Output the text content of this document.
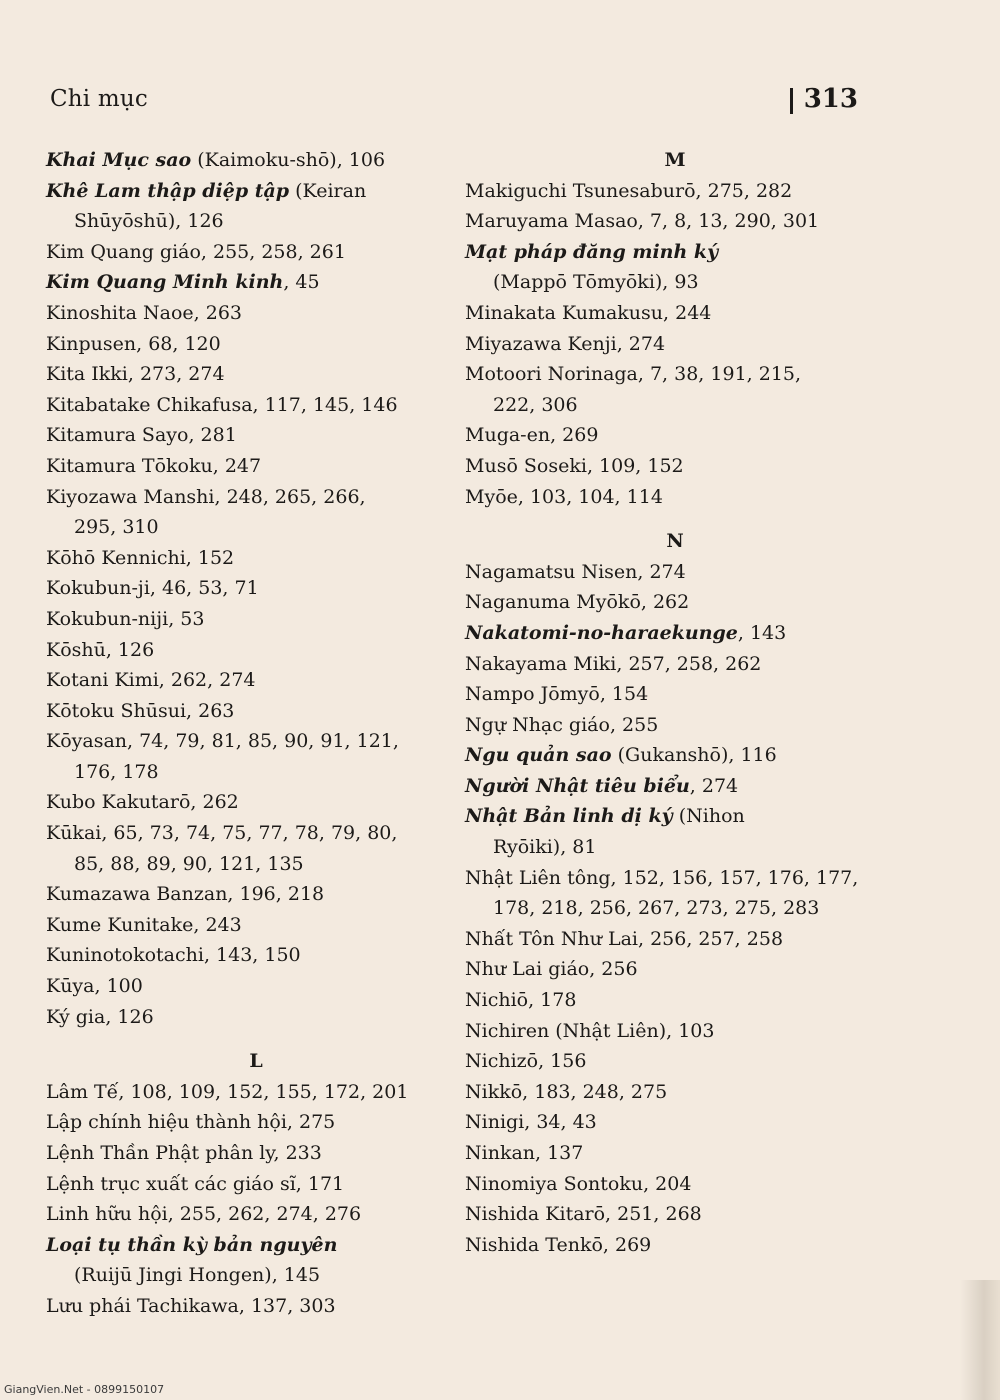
Chi mục	313
Khai Mục sao (Kaimoku-shō), 106
Khê Lam thập diệp tập (Keiran
Shūyōshū), 126
Kim Quang giáo, 255, 258, 261
Kim Quang Minh kinh, 45
Kinoshita Naoe, 263
Kinpusen, 68, 120
Kita Ikki, 273, 274
Kitabatake Chikafusa, 117, 145, 146
Kitamura Sayo, 281
Kitamura Tōkoku, 247
Kiyozawa Manshi, 248, 265, 266,
295, 310
Kōhō Kennichi, 152
Kokubun-ji, 46, 53, 71
Kokubun-niji, 53
Kōshū, 126
Kotani Kimi, 262, 274
Kōtoku Shūsui, 263
Kōyasan, 74, 79, 81, 85, 90, 91, 121,
176, 178
Kubo Kakutarō, 262
Kūkai, 65, 73, 74, 75, 77, 78, 79, 80,
85, 88, 89, 90, 121, 135
Kumazawa Banzan, 196, 218
Kume Kunitake, 243
Kuninotokotachi, 143, 150
Kūya, 100
Ký gia, 126
L
Lâm Tế, 108, 109, 152, 155, 172, 201
Lập chính hiệu thành hội, 275
Lệnh Thần Phật phân ly, 233
Lệnh trục xuất các giáo sĩ, 171
Linh hữu hội, 255, 262, 274, 276
Loại tụ thần kỳ bản nguyên
(Ruijū Jingi Hongen), 145
Lưu phái Tachikawa, 137, 303
M
Makiguchi Tsunesaburō, 275, 282
Maruyama Masao, 7, 8, 13, 290, 301
Mạt pháp đăng minh ký
(Mappō Tōmyōki), 93
Minakata Kumakusu, 244
Miyazawa Kenji, 274
Motoori Norinaga, 7, 38, 191, 215,
222, 306
Muga-en, 269
Musō Soseki, 109, 152
Myōe, 103, 104, 114
N
Nagamatsu Nisen, 274
Naganuma Myōkō, 262
Nakatomi-no-haraekunge, 143
Nakayama Miki, 257, 258, 262
Nampo Jōmyō, 154
Ngự Nhạc giáo, 255
Ngu quản sao (Gukanshō), 116
Người Nhật tiêu biểu, 274
Nhật Bản linh dị ký (Nihon
Ryōiki), 81
Nhật Liên tông, 152, 156, 157, 176, 177,
178, 218, 256, 267, 273, 275, 283
Nhất Tôn Như Lai, 256, 257, 258
Như Lai giáo, 256
Nichiō, 178
Nichiren (Nhật Liên), 103
Nichizō, 156
Nikkō, 183, 248, 275
Ninigi, 34, 43
Ninkan, 137
Ninomiya Sontoku, 204
Nishida Kitarō, 251, 268
Nishida Tenkō, 269
GiangVien.Net - 0899150107
